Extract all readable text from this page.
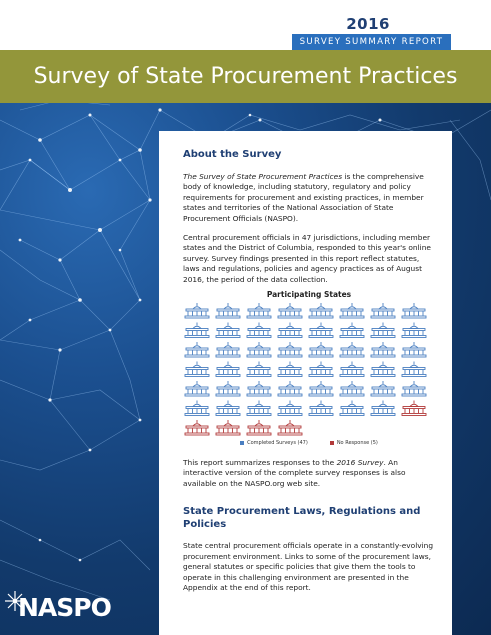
2016
SURVEY SUMMARY REPORT
Survey of State Procurement Practices
About the Survey

The Survey of State Procurement Practices is the comprehensive body of knowledge, including statutory, regulatory and policy requirements for procurement and existing practices, in member states and territories of the National Association of State Procurement Officials (NASPO).

Central procurement officials in 47 jurisdictions, including member states and the District of Columbia, responded to this year's online survey. Survey findings presented in this report reflect statutes, laws and regulations, policies and agency practices as of August 2016, the period of the data collection.

Participating States
Completed Surveys (47)	No Response (5)

This report summarizes responses to the 2016 Survey. An interactive version of the complete survey responses is also available on the NASPO.org web site.

State Procurement Laws, Regulations and Policies

State central procurement officials operate in a constantly-evolving procurement environment. Links to some of the procurement laws, general statutes or specific policies that give them the tools to operate in this challenging environment are presented in the Appendix at the end of this report.

NASPO
